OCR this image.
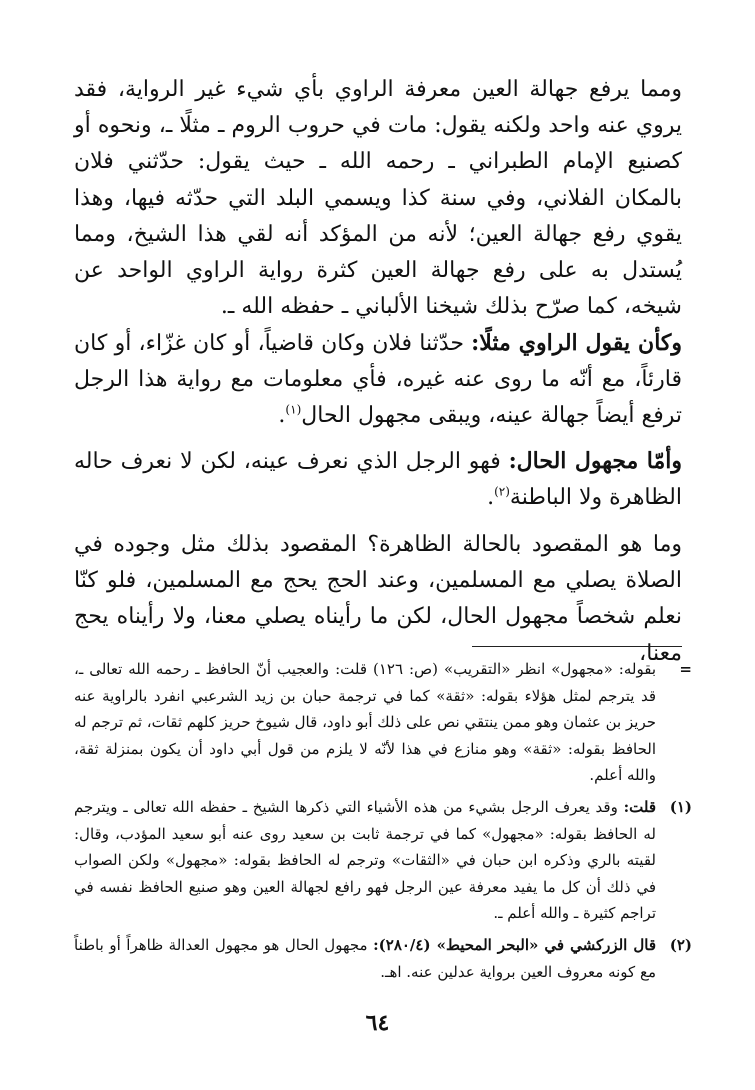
ومما يرفع جهالة العين معرفة الراوي بأي شيء غير الرواية، فقد يروي عنه واحد ولكنه يقول: مات في حروب الروم ـ مثلًا ـ، ونحوه أو كصنيع الإمام الطبراني ـ رحمه الله ـ حيث يقول: حدّثني فلان بالمكان الفلاني، وفي سنة كذا ويسمي البلد التي حدّثه فيها، وهذا يقوي رفع جهالة العين؛ لأنه من المؤكد أنه لقي هذا الشيخ، ومما يُستدل به على رفع جهالة العين كثرة رواية الراوي الواحد عن شيخه، كما صرّح بذلك شيخنا الألباني ـ حفظه الله ـ.

وكأن يقول الراوي مثلًا: حدّثنا فلان وكان قاضياً، أو كان غزّاء، أو كان قارئاً، مع أنّه ما روى عنه غيره، فأي معلومات مع رواية هذا الرجل ترفع أيضاً جهالة عينه، ويبقى مجهول الحال$^{(١)}$.

وأمّا مجهول الحال: فهو الرجل الذي نعرف عينه، لكن لا نعرف حاله الظاهرة ولا الباطنة$^{(٢)}$.

وما هو المقصود بالحالة الظاهرة؟ المقصود بذلك مثل وجوده في الصلاة يصلي مع المسلمين، وعند الحج يحج مع المسلمين، فلو كنّا نعلم شخصاً مجهول الحال، لكن ما رأيناه يصلي معنا، ولا رأيناه يحج معنا،

=
بقوله: «مجهول» انظر «التقريب» (ص: ١٢٦) قلت: والعجيب أنّ الحافظ ـ رحمه الله تعالى ـ، قد يترجم لمثل هؤلاء بقوله: «ثقة» كما في ترجمة حبان بن زيد الشرعبي انفرد بالراوية عنه حريز بن عثمان وهو ممن ينتقي نص على ذلك أبو داود، قال شيوخ حريز كلهم ثقات، ثم ترجم له الحافظ بقوله: «ثقة» وهو منازع في هذا لأنّه لا يلزم من قول أبي داود أن يكون بمنزلة ثقة، والله أعلم.

(١)
قلت: وقد يعرف الرجل بشيء من هذه الأشياء التي ذكرها الشيخ ـ حفظه الله تعالى ـ ويترجم له الحافظ بقوله: «مجهول» كما في ترجمة ثابت بن سعيد روى عنه أبو سعيد المؤدب، وقال: لقيته بالري وذكره ابن حبان في «الثقات» وترجم له الحافظ بقوله: «مجهول» ولكن الصواب في ذلك أن كل ما يفيد معرفة عين الرجل فهو رافع لجهالة العين وهو صنيع الحافظ نفسه في تراجم كثيرة ـ والله أعلم ـ.

(٢)
قال الزركشي في «البحر المحيط» (٢٨٠/٤): مجهول الحال هو مجهول العدالة ظاهراً أو باطناً مع كونه معروف العين برواية عدلين عنه. اهـ.

٦٤
